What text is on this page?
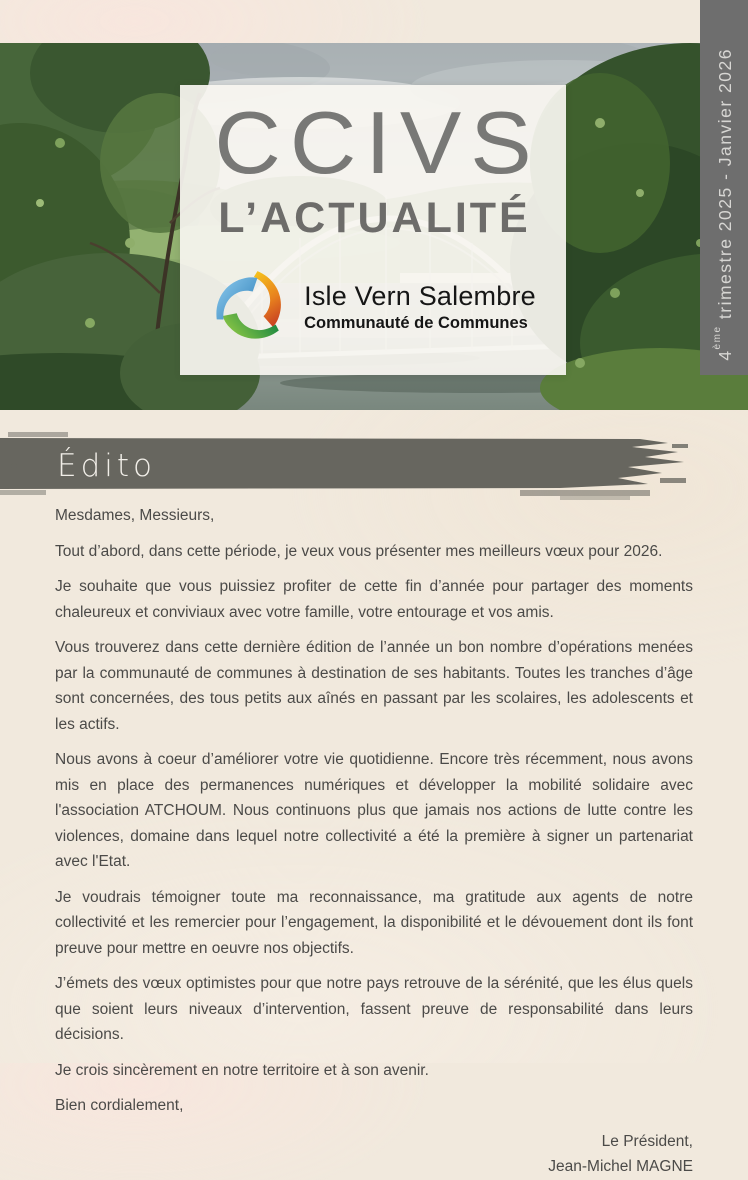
CCIVS
L’ACTUALITÉ
Isle Vern Salembre
Communauté de Communes
4ème trimestre 2025 - Janvier 2026
Édito

Mesdames, Messieurs,

Tout d’abord, dans cette période, je veux vous présenter mes meilleurs vœux pour 2026.

Je souhaite que vous puissiez profiter de cette fin d’année pour partager des moments chaleureux et conviviaux avec votre famille, votre entourage et vos amis.

Vous trouverez dans cette dernière édition de l’année un bon nombre d’opérations menées par la communauté de communes à destination de ses habitants. Toutes les tranches d’âge sont concernées, des tous petits aux aînés en passant par les scolaires, les adolescents et les actifs.

Nous avons à coeur d’améliorer votre vie quotidienne. Encore très récemment, nous avons mis en place des permanences numériques et développer la mobilité solidaire avec l'association ATCHOUM. Nous continuons plus que jamais nos actions de lutte contre les violences, domaine dans lequel notre collectivité a été la première à signer un partenariat avec l'Etat.

Je voudrais témoigner toute ma reconnaissance, ma gratitude aux agents de notre collectivité et les remercier pour l’engagement, la disponibilité et le dévouement dont ils font preuve pour mettre en oeuvre nos objectifs.

J’émets des vœux optimistes pour que notre pays retrouve de la sérénité, que les élus quels que soient leurs niveaux d’intervention, fassent preuve de responsabilité dans leurs décisions.

Je crois sincèrement en notre territoire et à son avenir.

Bien cordialement,

Le Président,
Jean-Michel MAGNE
